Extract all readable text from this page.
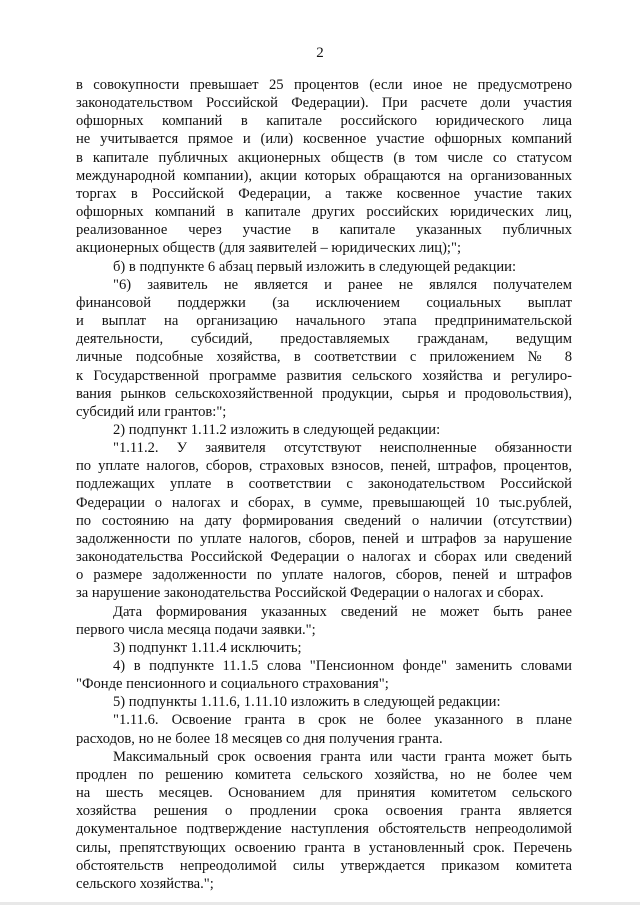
2
в совокупности превышает 25 процентов (если иное не предусмотрено
законодательством Российской Федерации). При расчете доли участия
офшорных компаний в капитале российского юридического лица
не учитывается прямое и (или) косвенное участие офшорных компаний
в капитале публичных акционерных обществ (в том числе со статусом
международной компании), акции которых обращаются на организованных
торгах в Российской Федерации, а также косвенное участие таких
офшорных компаний в капитале других российских юридических лиц,
реализованное через участие в капитале указанных публичных
акционерных обществ (для заявителей – юридических лиц);";
б) в подпункте 6 абзац первый изложить в следующей редакции:
"6) заявитель не является и ранее не являлся получателем
финансовой поддержки (за исключением социальных выплат
и выплат на организацию начального этапа предпринимательской
деятельности, субсидий, предоставляемых гражданам, ведущим
личные подсобные хозяйства, в соответствии с приложением № 8
к Государственной программе развития сельского хозяйства и регулиро-
вания рынков сельскохозяйственной продукции, сырья и продовольствия),
субсидий или грантов:";
2) подпункт 1.11.2 изложить в следующей редакции:
"1.11.2. У заявителя отсутствуют неисполненные обязанности
по уплате налогов, сборов, страховых взносов, пеней, штрафов, процентов,
подлежащих уплате в соответствии с законодательством Российской
Федерации о налогах и сборах, в сумме, превышающей 10 тыс.рублей,
по состоянию на дату формирования сведений о наличии (отсутствии)
задолженности по уплате налогов, сборов, пеней и штрафов за нарушение
законодательства Российской Федерации о налогах и сборах или сведений
о размере задолженности по уплате налогов, сборов, пеней и штрафов
за нарушение законодательства Российской Федерации о налогах и сборах.
Дата формирования указанных сведений не может быть ранее
первого числа месяца подачи заявки.";
3) подпункт 1.11.4 исключить;
4) в подпункте 11.1.5 слова "Пенсионном фонде" заменить словами
"Фонде пенсионного и социального страхования";
5) подпункты 1.11.6, 1.11.10 изложить в следующей редакции:
"1.11.6. Освоение гранта в срок не более указанного в плане
расходов, но не более 18 месяцев со дня получения гранта.
Максимальный срок освоения гранта или части гранта может быть
продлен по решению комитета сельского хозяйства, но не более чем
на шесть месяцев. Основанием для принятия комитетом сельского
хозяйства решения о продлении срока освоения гранта является
документальное подтверждение наступления обстоятельств непреодолимой
силы, препятствующих освоению гранта в установленный срок. Перечень
обстоятельств непреодолимой силы утверждается приказом комитета
сельского хозяйства.";
